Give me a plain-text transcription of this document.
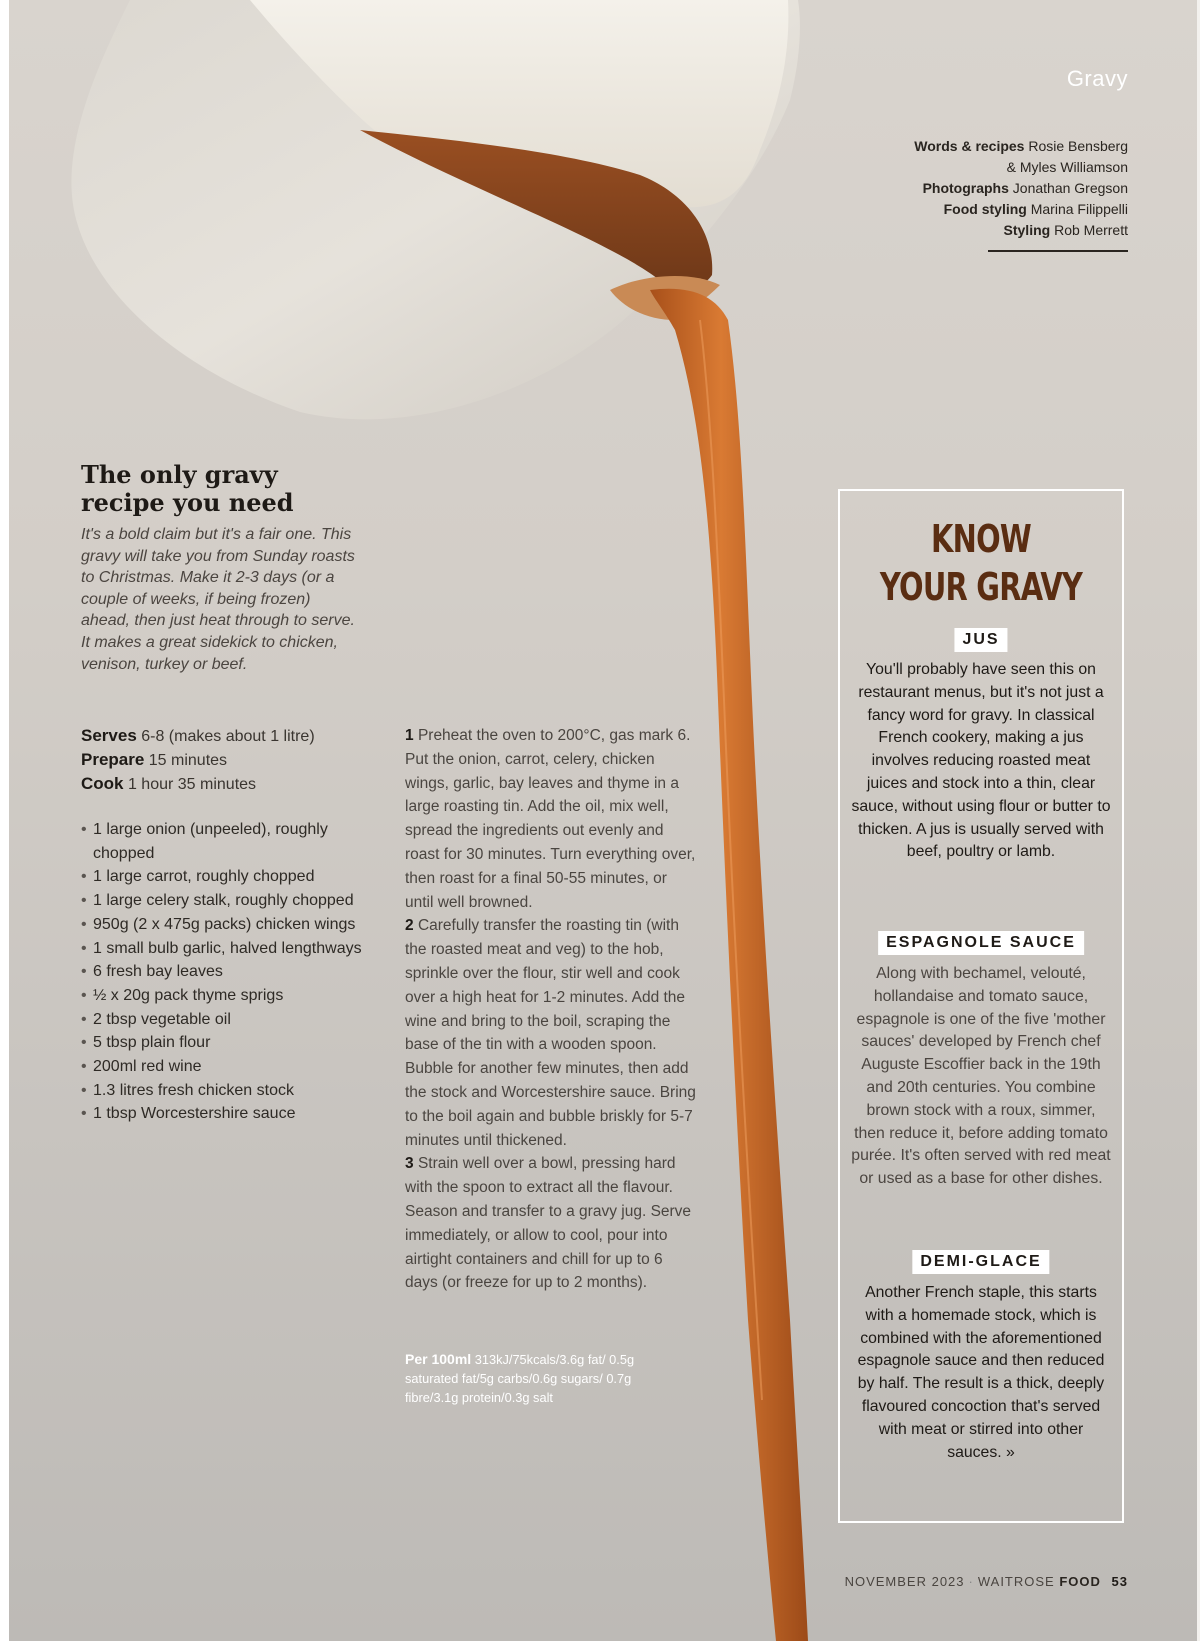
Gravy
Words & recipes Rosie Bensberg
& Myles Williamson
Photographs Jonathan Gregson
Food styling Marina Filippelli
Styling Rob Merrett
The only gravy
recipe you need

It's a bold claim but it's a fair one. This gravy will take you from Sunday roasts to Christmas. Make it 2-3 days (or a couple of weeks, if being frozen) ahead, then just heat through to serve. It makes a great sidekick to chicken, venison, turkey or beef.

Serves 6-8 (makes about 1 litre)
Prepare 15 minutes
Cook 1 hour 35 minutes
• 1 large onion (unpeeled), roughly chopped
• 1 large carrot, roughly chopped
• 1 large celery stalk, roughly chopped
• 950g (2 x 475g packs) chicken wings
• 1 small bulb garlic, halved lengthways
• 6 fresh bay leaves
• ½ x 20g pack thyme sprigs
• 2 tbsp vegetable oil
• 5 tbsp plain flour
• 200ml red wine
• 1.3 litres fresh chicken stock
• 1 tbsp Worcestershire sauce

1 Preheat the oven to 200°C, gas mark 6. Put the onion, carrot, celery, chicken wings, garlic, bay leaves and thyme in a large roasting tin. Add the oil, mix well, spread the ingredients out evenly and roast for 30 minutes. Turn everything over, then roast for a final 50-55 minutes, or until well browned.

2 Carefully transfer the roasting tin (with the roasted meat and veg) to the hob, sprinkle over the flour, stir well and cook over a high heat for 1-2 minutes. Add the wine and bring to the boil, scraping the base of the tin with a wooden spoon. Bubble for another few minutes, then add the stock and Worcestershire sauce. Bring to the boil again and bubble briskly for 5-7 minutes until thickened.

3 Strain well over a bowl, pressing hard with the spoon to extract all the flavour. Season and transfer to a gravy jug. Serve immediately, or allow to cool, pour into airtight containers and chill for up to 6 days (or freeze for up to 2 months).

Per 100ml 313kJ/75kcals/3.6g fat/ 0.5g saturated fat/5g carbs/0.6g sugars/ 0.7g fibre/3.1g protein/0.3g salt
KNOW
YOUR GRAVY
JUS

You'll probably have seen this on restaurant menus, but it's not just a fancy word for gravy. In classical French cookery, making a jus involves reducing roasted meat juices and stock into a thin, clear sauce, without using flour or butter to thicken. A jus is usually served with beef, poultry or lamb.

ESPAGNOLE SAUCE

Along with bechamel, velouté, hollandaise and tomato sauce, espagnole is one of the five 'mother sauces' developed by French chef Auguste Escoffier back in the 19th and 20th centuries. You combine brown stock with a roux, simmer, then reduce it, before adding tomato purée. It's often served with red meat or used as a base for other dishes.

DEMI-GLACE

Another French staple, this starts with a homemade stock, which is combined with the aforementioned espagnole sauce and then reduced by half. The result is a thick, deeply flavoured concoction that's served with meat or stirred into other sauces. »

NOVEMBER 2023 · WAITROSE FOOD 53
